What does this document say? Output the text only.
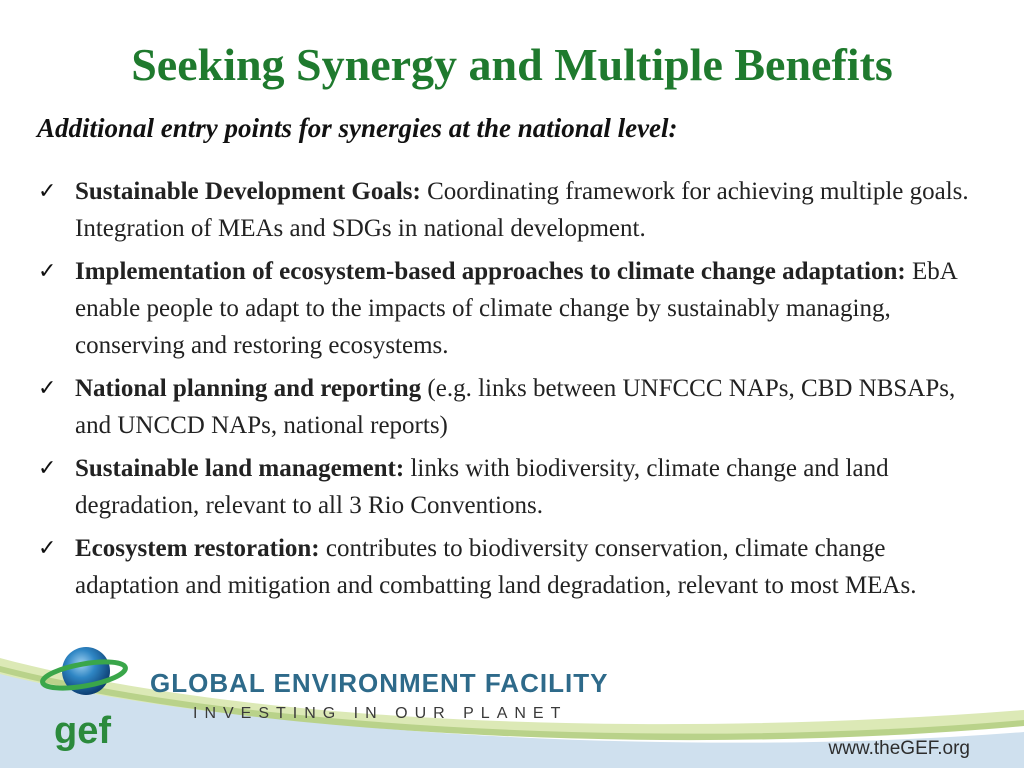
Seeking Synergy and Multiple Benefits
Additional entry points for synergies at the national level:
✓ Sustainable Development Goals: Coordinating framework for achieving multiple goals. Integration of MEAs and SDGs in national development.
✓ Implementation of ecosystem-based approaches to climate change adaptation: EbA enable people to adapt to the impacts of climate change by sustainably managing, conserving and restoring ecosystems.
✓ National planning and reporting (e.g. links between UNFCCC NAPs, CBD NBSAPs, and UNCCD NAPs, national reports)
✓ Sustainable land management: links with biodiversity, climate change and land degradation, relevant to all 3 Rio Conventions.
✓ Ecosystem restoration: contributes to biodiversity conservation, climate change adaptation and mitigation and combatting land degradation, relevant to most MEAs.
gef
GLOBAL ENVIRONMENT FACILITY
INVESTING IN OUR PLANET
www.theGEF.org
